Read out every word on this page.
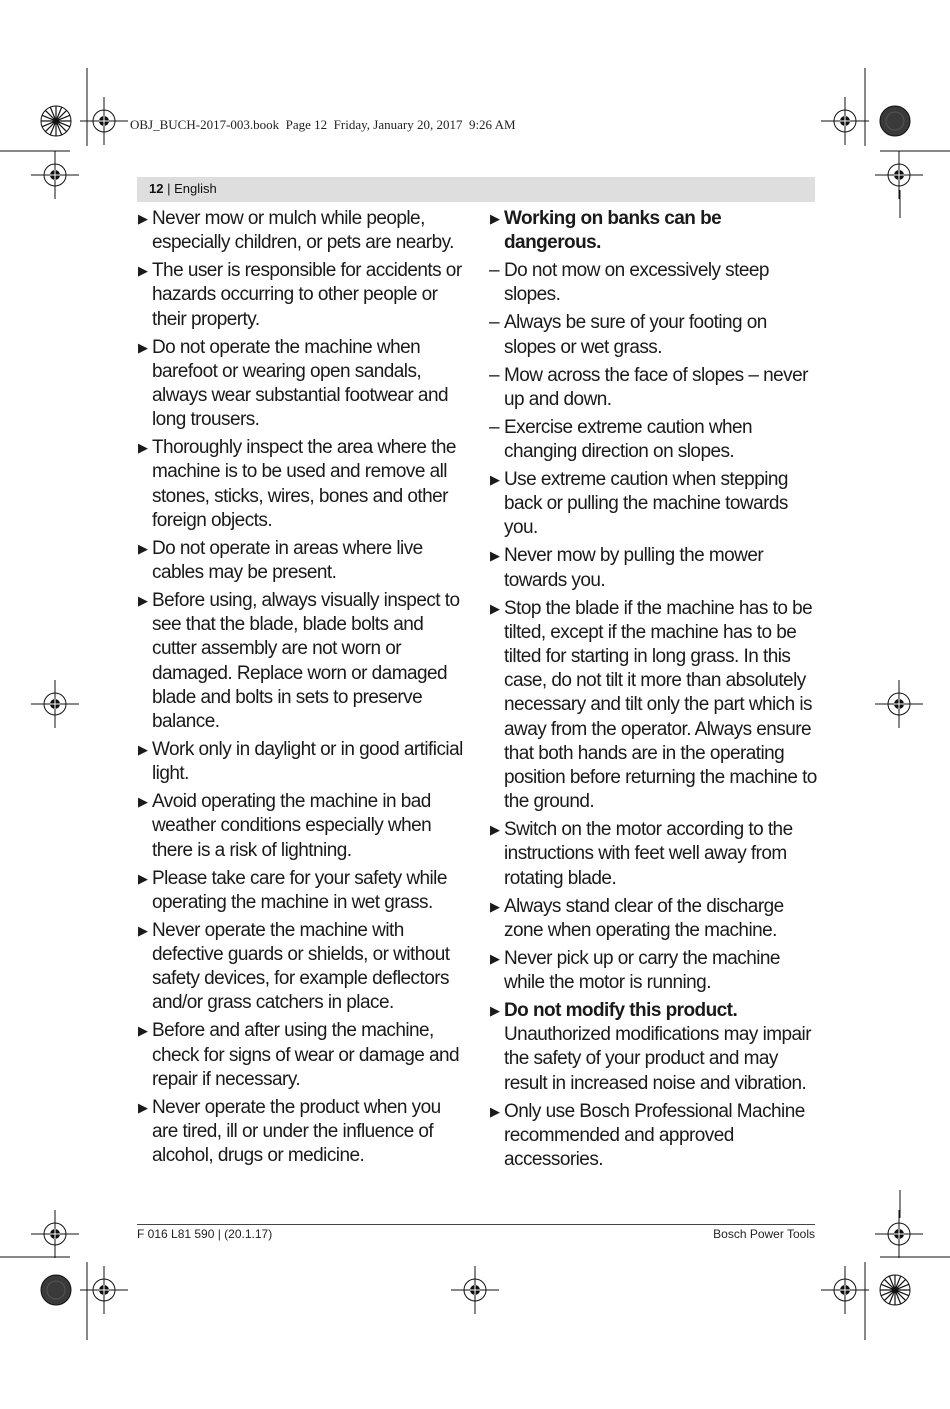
OBJ_BUCH-2017-003.book  Page 12  Friday, January 20, 2017  9:26 AM
12 | English
▶ Never mow or mulch while people, especially children, or pets are nearby.
▶ The user is responsible for accidents or hazards occurring to other people or their property.
▶ Do not operate the machine when barefoot or wearing open sandals, always wear substantial footwear and long trousers.
▶ Thoroughly inspect the area where the machine is to be used and remove all stones, sticks, wires, bones and other foreign objects.
▶ Do not operate in areas where live cables may be present.
▶ Before using, always visually inspect to see that the blade, blade bolts and cutter assembly are not worn or damaged. Replace worn or damaged blade and bolts in sets to preserve balance.
▶ Work only in daylight or in good artificial light.
▶ Avoid operating the machine in bad weather conditions especially when there is a risk of lightning.
▶ Please take care for your safety while operating the machine in wet grass.
▶ Never operate the machine with defective guards or shields, or without safety devices, for example deflectors and/or grass catchers in place.
▶ Before and after using the machine, check for signs of wear or damage and repair if necessary.
▶ Never operate the product when you are tired, ill or under the influence of alcohol, drugs or medicine.
▶ Working on banks can be dangerous.
– Do not mow on excessively steep slopes.
– Always be sure of your footing on slopes or wet grass.
– Mow across the face of slopes – never up and down.
– Exercise extreme caution when changing direction on slopes.
▶ Use extreme caution when stepping back or pulling the machine towards you.
▶ Never mow by pulling the mower towards you.
▶ Stop the blade if the machine has to be tilted, except if the machine has to be tilted for starting in long grass. In this case, do not tilt it more than absolutely necessary and tilt only the part which is away from the operator. Always ensure that both hands are in the operating position before returning the machine to the ground.
▶ Switch on the motor according to the instructions with feet well away from rotating blade.
▶ Always stand clear of the discharge zone when operating the machine.
▶ Never pick up or carry the machine while the motor is running.
▶ Do not modify this product. Unauthorized modifications may impair the safety of your product and may result in increased noise and vibration.
▶ Only use Bosch Professional Machine recommended and approved accessories.
F 016 L81 590 | (20.1.17)	Bosch Power Tools
